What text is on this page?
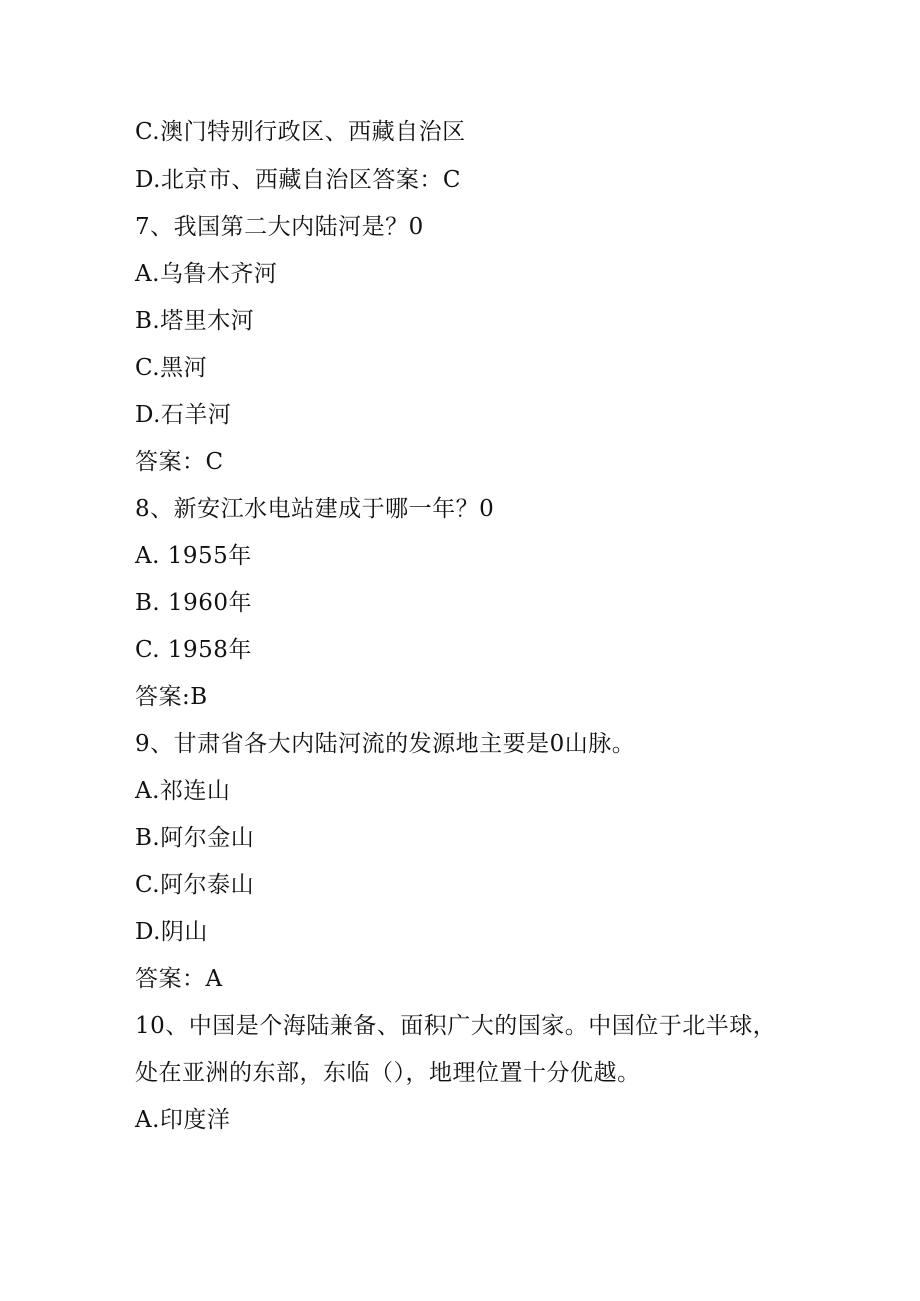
C.澳门特别行政区、西藏自治区
D.北京市、西藏自治区答案：C
7、我国第二大内陆河是？0
A.乌鲁木齐河
B.塔里木河
C.黑河
D.石羊河
答案：C
8、新安江水电站建成于哪一年？0
A. 1955年
B. 1960年
C. 1958年
答案:B
9、甘肃省各大内陆河流的发源地主要是0山脉。
A.祁连山
B.阿尔金山
C.阿尔泰山
D.阴山
答案：A
10、中国是个海陆兼备、面积广大的国家。中国位于北半球，
处在亚洲的东部，东临（），地理位置十分优越。
A.印度洋
